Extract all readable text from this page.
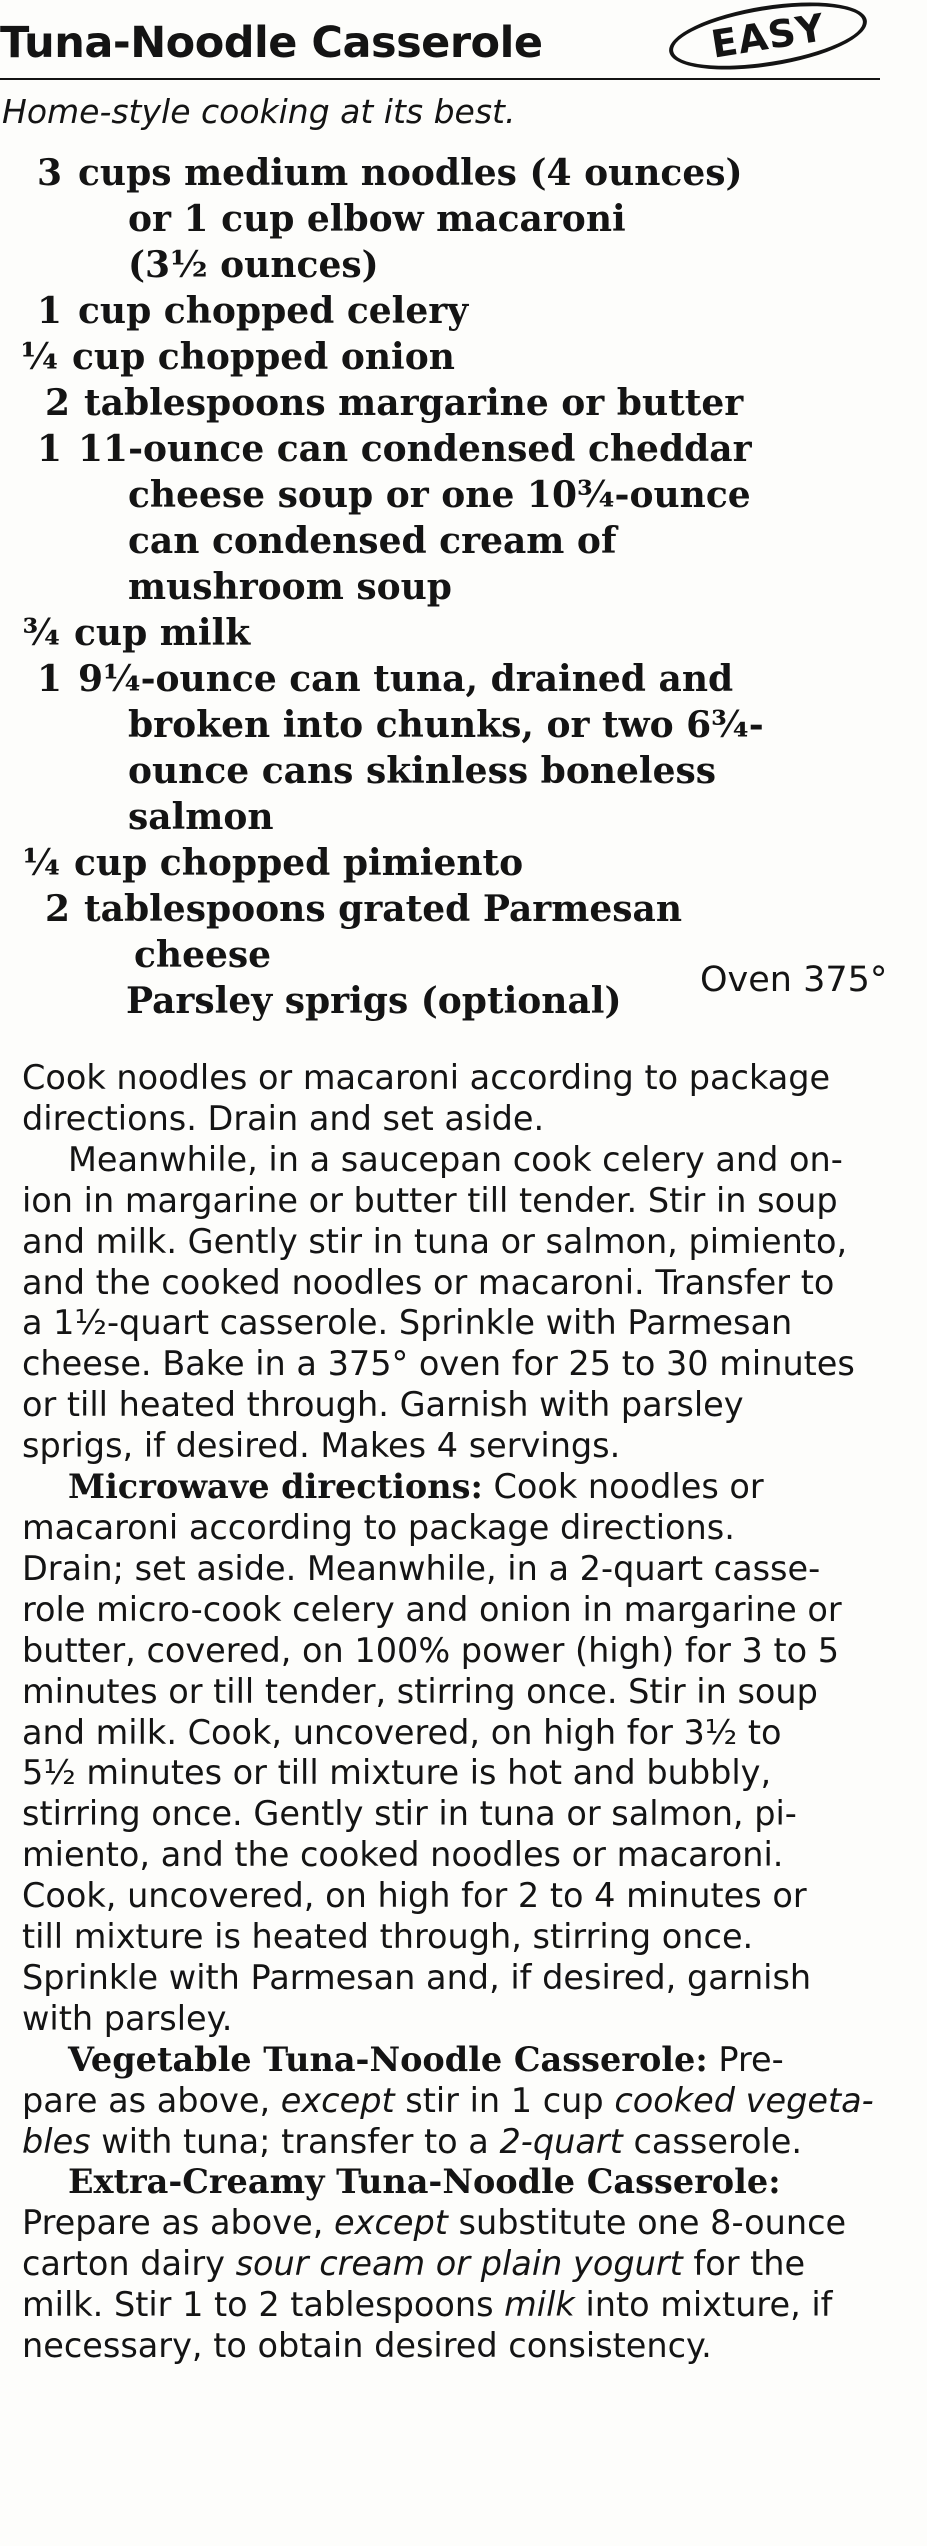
Tuna-Noodle Casserole	EASY
Home-style cooking at its best.
3 cups medium noodles (4 ounces)
or 1 cup elbow macaroni
(3½ ounces)
1 cup chopped celery
¼ cup chopped onion
2 tablespoons margarine or butter
1 11-ounce can condensed cheddar
cheese soup or one 10¾-ounce
can condensed cream of
mushroom soup
¾ cup milk
1 9¼-ounce can tuna, drained and
broken into chunks, or two 6¾-
ounce cans skinless boneless
salmon
¼ cup chopped pimiento
2 tablespoons grated Parmesan
cheese
Parsley sprigs (optional)	Oven 375°
Cook noodles or macaroni according to package
directions. Drain and set aside.
Meanwhile, in a saucepan cook celery and on-
ion in margarine or butter till tender. Stir in soup
and milk. Gently stir in tuna or salmon, pimiento,
and the cooked noodles or macaroni. Transfer to
a 1½-quart casserole. Sprinkle with Parmesan
cheese. Bake in a 375° oven for 25 to 30 minutes
or till heated through. Garnish with parsley
sprigs, if desired. Makes 4 servings.
Microwave directions: Cook noodles or
macaroni according to package directions.
Drain; set aside. Meanwhile, in a 2-quart casse-
role micro-cook celery and onion in margarine or
butter, covered, on 100% power (high) for 3 to 5
minutes or till tender, stirring once. Stir in soup
and milk. Cook, uncovered, on high for 3½ to
5½ minutes or till mixture is hot and bubbly,
stirring once. Gently stir in tuna or salmon, pi-
miento, and the cooked noodles or macaroni.
Cook, uncovered, on high for 2 to 4 minutes or
till mixture is heated through, stirring once.
Sprinkle with Parmesan and, if desired, garnish
with parsley.
Vegetable Tuna-Noodle Casserole: Pre-
pare as above, except stir in 1 cup cooked vegeta-
bles with tuna; transfer to a 2-quart casserole.
Extra-Creamy Tuna-Noodle Casserole:
Prepare as above, except substitute one 8-ounce
carton dairy sour cream or plain yogurt for the
milk. Stir 1 to 2 tablespoons milk into mixture, if
necessary, to obtain desired consistency.
